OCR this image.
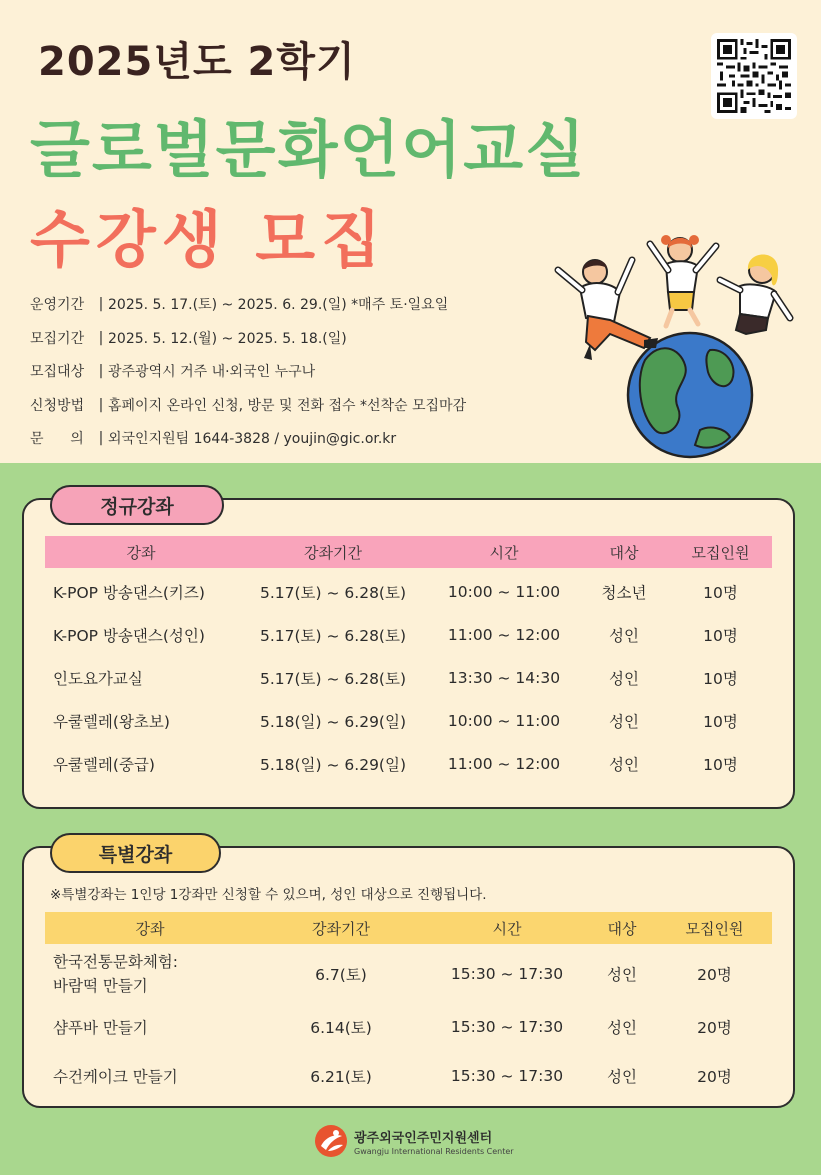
2025년도 2학기
글로벌문화언어교실
수강생 모집
운영기간	| 2025. 5. 17.(토) ~ 2025. 6. 29.(일) *매주 토·일요일
모집기간	| 2025. 5. 12.(월) ~ 2025. 5. 18.(일)
모집대상	| 광주광역시 거주 내·외국인 누구나
신청방법	| 홈페이지 온라인 신청, 방문 및 전화 접수 *선착순 모집마감
문      의	| 외국인지원팀 1644-3828 / youjin@gic.or.kr
정규강좌
강좌	강좌기간	시간	대상	모집인원
K-POP 방송댄스(키즈)	5.17(토) ~ 6.28(토)	10:00 ~ 11:00	청소년	10명
K-POP 방송댄스(성인)	5.17(토) ~ 6.28(토)	11:00 ~ 12:00	성인	10명
인도요가교실	5.17(토) ~ 6.28(토)	13:30 ~ 14:30	성인	10명
우쿨렐레(왕초보)	5.18(일) ~ 6.29(일)	10:00 ~ 11:00	성인	10명
우쿨렐레(중급)	5.18(일) ~ 6.29(일)	11:00 ~ 12:00	성인	10명
특별강좌
※특별강좌는 1인당 1강좌만 신청할 수 있으며, 성인 대상으로 진행됩니다.
강좌	강좌기간	시간	대상	모집인원
한국전통문화체험:
바람떡 만들기
6.7(토)	15:30 ~ 17:30	성인	20명
샴푸바 만들기	6.14(토)	15:30 ~ 17:30	성인	20명
수건케이크 만들기	6.21(토)	15:30 ~ 17:30	성인	20명
광주외국인주민지원센터
Gwangju International Residents Center
